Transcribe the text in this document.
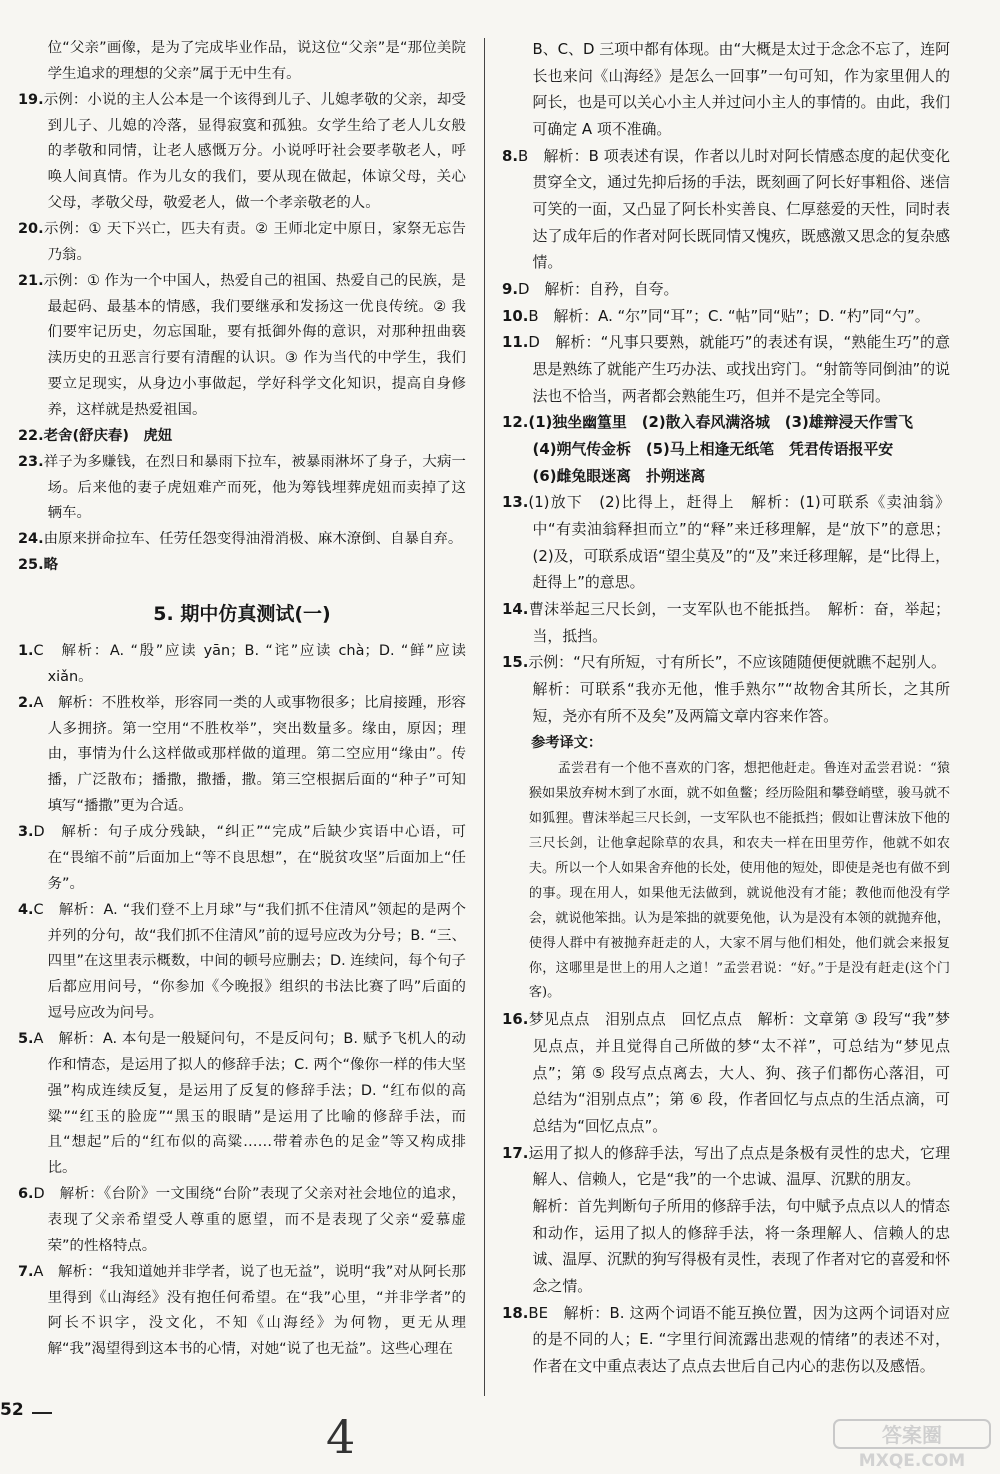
位“父亲”画像，是为了完成毕业作品，说这位“父亲”是“那位美院学生追求的理想的父亲”属于无中生有。

19.示例：小说的主人公本是一个该得到儿子、儿媳孝敬的父亲，却受到儿子、儿媳的冷落，显得寂寞和孤独。女学生给了老人儿女般的孝敬和同情，让老人感慨万分。小说呼吁社会要孝敬老人，呼唤人间真情。作为儿女的我们，要从现在做起，体谅父母，关心父母，孝敬父母，敬爱老人，做一个孝亲敬老的人。

20.示例：① 天下兴亡，匹夫有责。② 王师北定中原日，家祭无忘告乃翁。

21.示例：① 作为一个中国人，热爱自己的祖国、热爱自己的民族，是最起码、最基本的情感，我们要继承和发扬这一优良传统。② 我们要牢记历史，勿忘国耻，要有抵御外侮的意识，对那种扭曲亵渎历史的丑恶言行要有清醒的认识。③ 作为当代的中学生，我们要立足现实，从身边小事做起，学好科学文化知识，提高自身修养，这样就是热爱祖国。

22.老舍(舒庆春)　虎妞

23.祥子为多赚钱，在烈日和暴雨下拉车，被暴雨淋坏了身子，大病一场。后来他的妻子虎妞难产而死，他为筹钱埋葬虎妞而卖掉了这辆车。

24.由原来拼命拉车、任劳任怨变得油滑消极、麻木潦倒、自暴自弃。

25.略

5. 期中仿真测试(一)

1.C　解析：A. “殷”应读 yān；B. “诧”应读 chà；D. “鲜”应读 xiǎn。

2.A　解析：不胜枚举，形容同一类的人或事物很多；比肩接踵，形容人多拥挤。第一空用“不胜枚举”，突出数量多。缘由，原因；理由，事情为什么这样做或那样做的道理。第二空应用“缘由”。传播，广泛散布；播撒，撒播，撒。第三空根据后面的“种子”可知填写“播撒”更为合适。

3.D　解析：句子成分残缺，“纠正”“完成”后缺少宾语中心语，可在“畏缩不前”后面加上“等不良思想”，在“脱贫攻坚”后面加上“任务”。

4.C　解析：A. “我们登不上月球”与“我们抓不住清风”领起的是两个并列的分句，故“我们抓不住清风”前的逗号应改为分号；B. “三、四里”在这里表示概数，中间的顿号应删去；D. 连续问，每个句子后都应用问号，“你参加《今晚报》组织的书法比赛了吗”后面的逗号应改为问号。

5.A　解析：A. 本句是一般疑问句，不是反问句；B. 赋予飞机人的动作和情态，是运用了拟人的修辞手法；C. 两个“像你一样的伟大坚强”构成连续反复，是运用了反复的修辞手法；D. “红布似的高粱”“红玉的脸庞”“黑玉的眼睛”是运用了比喻的修辞手法，而且“想起”后的“红布似的高粱……带着赤色的足金”等又构成排比。

6.D　解析：《台阶》一文围绕“台阶”表现了父亲对社会地位的追求，表现了父亲希望受人尊重的愿望，而不是表现了父亲“爱慕虚荣”的性格特点。

7.A　解析：“我知道她并非学者，说了也无益”，说明“我”对从阿长那里得到《山海经》没有抱任何希望。在“我”心里，“并非学者”的阿长不识字，没文化，不知《山海经》为何物，更无从理解“我”渴望得到这本书的心情，对她“说了也无益”。这些心理在

B、C、D 三项中都有体现。由“大概是太过于念念不忘了，连阿长也来问《山海经》是怎么一回事”一句可知，作为家里佣人的阿长，也是可以关心小主人并过问小主人的事情的。由此，我们可确定 A 项不准确。

8.B　解析：B 项表述有误，作者以儿时对阿长情感态度的起伏变化贯穿全文，通过先抑后扬的手法，既刻画了阿长好事粗俗、迷信可笑的一面，又凸显了阿长朴实善良、仁厚慈爱的天性，同时表达了成年后的作者对阿长既同情又愧疚，既感激又思念的复杂感情。

9.D　解析：自矜，自夸。

10.B　解析：A. “尔”同“耳”；C. “帖”同“贴”；D. “杓”同“勺”。

11.D　解析：“凡事只要熟，就能巧”的表述有误，“熟能生巧”的意思是熟练了就能产生巧办法、或找出窍门。“射箭等同倒油”的说法也不恰当，两者都会熟能生巧，但并不是完全等同。

12.(1)独坐幽篁里　(2)散入春风满洛城　(3)雄辩浸天作雪飞

(4)朔气传金柝　(5)马上相逢无纸笔　凭君传语报平安

(6)雌兔眼迷离　扑朔迷离

13.(1)放下　(2)比得上，赶得上　解析：(1)可联系《卖油翁》中“有卖油翁释担而立”的“释”来迁移理解，是“放下”的意思；(2)及，可联系成语“望尘莫及”的“及”来迁移理解，是“比得上，赶得上”的意思。

14.曹沫举起三尺长剑，一支军队也不能抵挡。　解析：奋，举起；当，抵挡。

15.示例：“尺有所短，寸有所长”，不应该随随便便就瞧不起别人。

解析：可联系“我亦无他，惟手熟尔”“故物舍其所长，之其所短，尧亦有所不及矣”及两篇文章内容来作答。

参考译文：

孟尝君有一个他不喜欢的门客，想把他赶走。鲁连对孟尝君说：“猿猴如果放弃树木到了水面，就不如鱼鳖；经历险阻和攀登峭壁，骏马就不如狐狸。曹沫举起三尺长剑，一支军队也不能抵挡；假如让曹沫放下他的三尺长剑，让他拿起除草的农具，和农夫一样在田里劳作，他就不如农夫。所以一个人如果舍弃他的长处，使用他的短处，即使是尧也有做不到的事。现在用人，如果他无法做到，就说他没有才能；教他而他没有学会，就说他笨拙。认为是笨拙的就要免他，认为是没有本领的就抛弃他，使得人群中有被抛弃赶走的人，大家不屑与他们相处，他们就会来报复你，这哪里是世上的用人之道！”孟尝君说：“好。”于是没有赶走(这个门客)。

16.梦见点点　泪别点点　回忆点点　解析：文章第 ③ 段写“我”梦见点点，并且觉得自己所做的梦“太不祥”，可总结为“梦见点点”；第 ⑤ 段写点点离去，大人、狗、孩子们都伤心落泪，可总结为“泪别点点”；第 ⑥ 段，作者回忆与点点的生活点滴，可总结为“回忆点点”。

17.运用了拟人的修辞手法，写出了点点是条极有灵性的忠犬，它理解人、信赖人，它是“我”的一个忠诚、温厚、沉默的朋友。

解析：首先判断句子所用的修辞手法，句中赋予点点以人的情态和动作，运用了拟人的修辞手法，将一条理解人、信赖人的忠诚、温厚、沉默的狗写得极有灵性，表现了作者对它的喜爱和怀念之情。

18.BE　解析：B. 这两个词语不能互换位置，因为这两个词语对应的是不同的人；E. “字里行间流露出悲观的情绪”的表述不对，作者在文中重点表达了点点去世后自己内心的悲伤以及感悟。

52	4	答案圈
MXQE.COM
